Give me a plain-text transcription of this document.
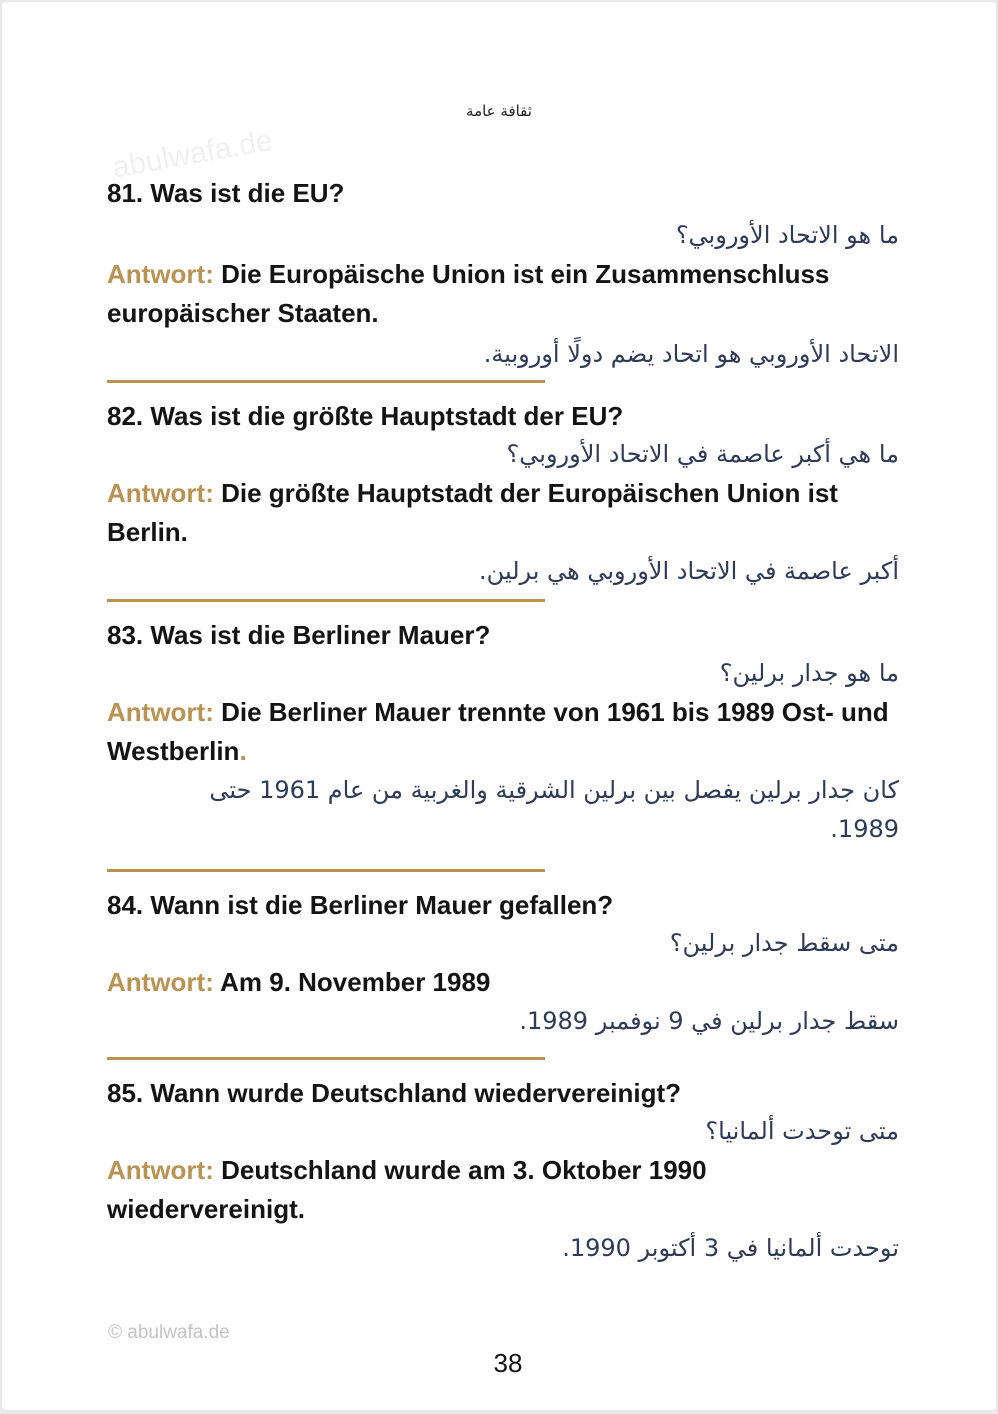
ثقافة عامة
abulwafa.de

81. Was ist die EU?

ما هو الاتحاد الأوروبي؟

Antwort: Die Europäische Union ist ein Zusammenschluss europäischer Staaten.

الاتحاد الأوروبي هو اتحاد يضم دولًا أوروبية.

82. Was ist die größte Hauptstadt der EU?

ما هي أكبر عاصمة في الاتحاد الأوروبي؟

Antwort: Die größte Hauptstadt der Europäischen Union ist Berlin.

أكبر عاصمة في الاتحاد الأوروبي هي برلين.

83. Was ist die Berliner Mauer?

ما هو جدار برلين؟

Antwort: Die Berliner Mauer trennte von 1961 bis 1989 Ost- und Westberlin.

كان جدار برلين يفصل بين برلين الشرقية والغربية من عام 1961 حتى 1989.

84. Wann ist die Berliner Mauer gefallen?

متى سقط جدار برلين؟

Antwort: Am 9. November 1989

سقط جدار برلين في 9 نوفمبر 1989.

85. Wann wurde Deutschland wiedervereinigt?

متى توحدت ألمانيا؟

Antwort: Deutschland wurde am 3. Oktober 1990 wiedervereinigt.

توحدت ألمانيا في 3 أكتوبر 1990.

© abulwafa.de
38
